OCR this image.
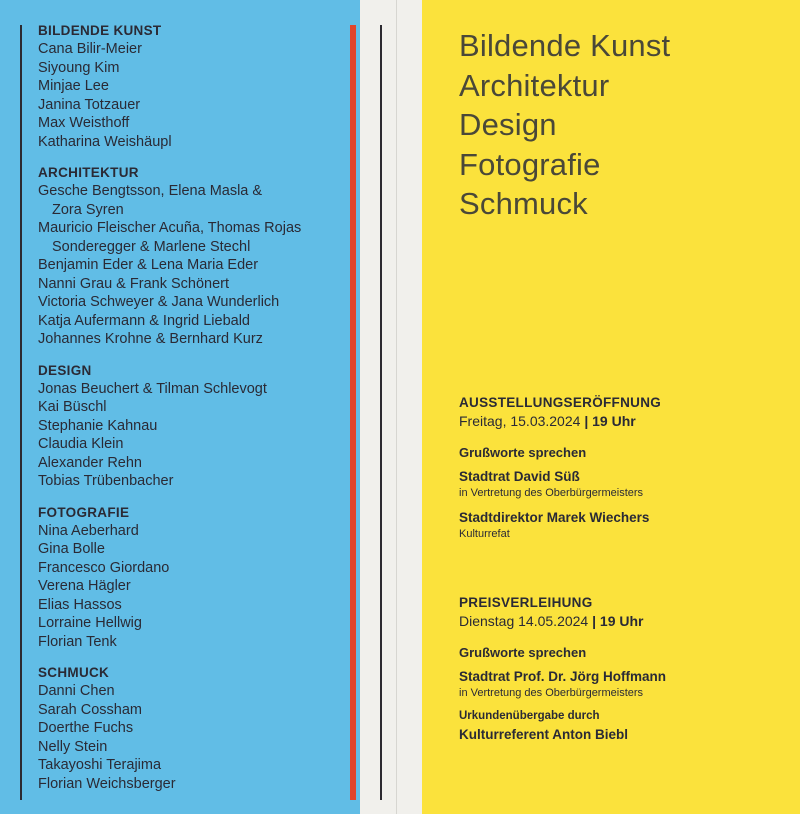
BILDENDE KUNST
Cana Bilir-Meier
Siyoung Kim
Minjae Lee
Janina Totzauer
Max Weisthoff
Katharina Weishäupl
ARCHITEKTUR
Gesche Bengtsson, Elena Masla &
Zora Syren
Mauricio Fleischer Acuña, Thomas Rojas
Sonderegger & Marlene Stechl
Benjamin Eder & Lena Maria Eder
Nanni Grau & Frank Schönert
Victoria Schweyer & Jana Wunderlich
Katja Aufermann & Ingrid Liebald
Johannes Krohne & Bernhard Kurz
DESIGN
Jonas Beuchert & Tilman Schlevogt
Kai Büschl
Stephanie Kahnau
Claudia Klein
Alexander Rehn
Tobias Trübenbacher
FOTOGRAFIE
Nina Aeberhard
Gina Bolle
Francesco Giordano
Verena Hägler
Elias Hassos
Lorraine Hellwig
Florian Tenk
SCHMUCK
Danni Chen
Sarah Cossham
Doerthe Fuchs
Nelly Stein
Takayoshi Terajima
Florian Weichsberger
Bildende Kunst
Architektur
Design
Fotografie
Schmuck
AUSSTELLUNGSERÖFFNUNG
Freitag, 15.03.2024 | 19 Uhr
Grußworte sprechen
Stadtrat David Süß
in Vertretung des Oberbürgermeisters
Stadtdirektor Marek Wiechers
Kulturrefat
PREISVERLEIHUNG
Dienstag 14.05.2024 | 19 Uhr
Grußworte sprechen
Stadtrat Prof. Dr. Jörg Hoffmann
in Vertretung des Oberbürgermeisters
Urkundenübergabe durch
Kulturreferent Anton Biebl
